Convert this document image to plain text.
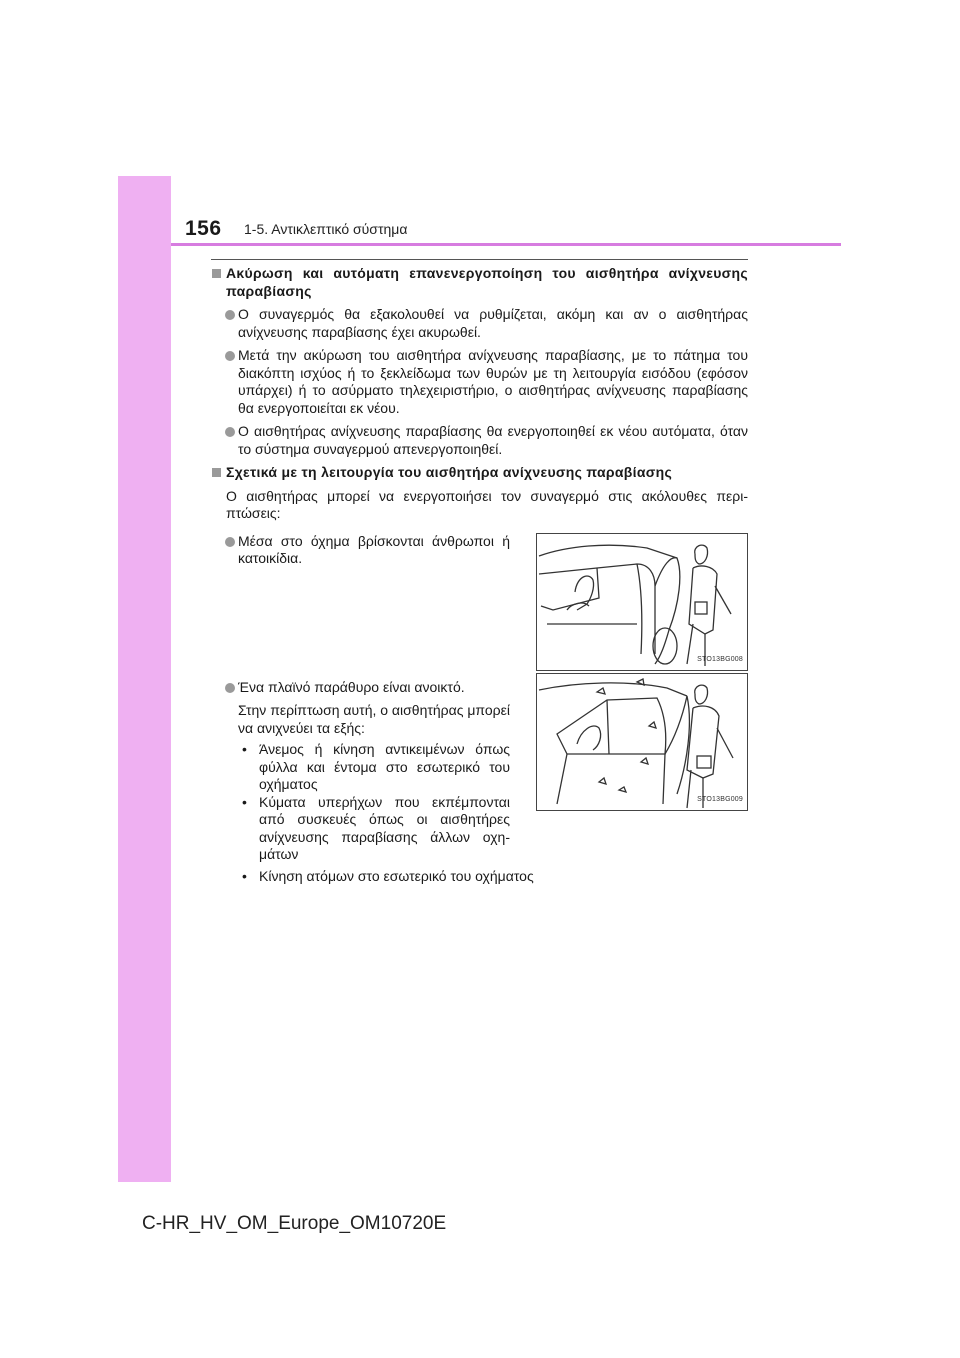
156 1-5. Αντικλεπτικό σύστημα
Ακύρωση και αυτόματη επανενεργοποίηση του αισθητήρα ανίχνευσης παραβίασης
Ο συναγερμός θα εξακολουθεί να ρυθμίζεται, ακόμη και αν ο αισθητήρας ανίχνευσης παραβίασης έχει ακυρωθεί.
Μετά την ακύρωση του αισθητήρα ανίχνευσης παραβίασης, με το πάτημα του διακόπτη ισχύος ή το ξεκλείδωμα των θυρών με τη λειτουργία εισόδου (εφόσον υπάρχει) ή το ασύρματο τηλεχειριστήριο, ο αισθητήρας ανίχνευσης παραβίασης θα ενεργοποιείται εκ νέου.
Ο αισθητήρας ανίχνευσης παραβίασης θα ενεργοποιηθεί εκ νέου αυτόματα, όταν το σύστημα συναγερμού απενεργοποιηθεί.
Σχετικά με τη λειτουργία του αισθητήρα ανίχνευσης παραβίασης
Ο αισθητήρας μπορεί να ενεργοποιήσει τον συναγερμό στις ακόλουθες περι-πτώσεις:
Μέσα στο όχημα βρίσκονται άνθρωποι ή κατοικίδια.
STO13BG008
Ένα πλαϊνό παράθυρο είναι ανοικτό.
Στην περίπτωση αυτή, ο αισθητήρας μπορεί να ανιχνεύει τα εξής:
• Άνεμος ή κίνηση αντικειμένων όπως φύλλα και έντομα στο εσωτερικό του οχήματος
• Κύματα υπερήχων που εκπέμπονται από συσκευές όπως οι αισθητήρες ανίχνευσης παραβίασης άλλων οχη-μάτων
STO13BG009
• Κίνηση ατόμων στο εσωτερικό του οχήματος
C-HR_HV_OM_Europe_OM10720E
